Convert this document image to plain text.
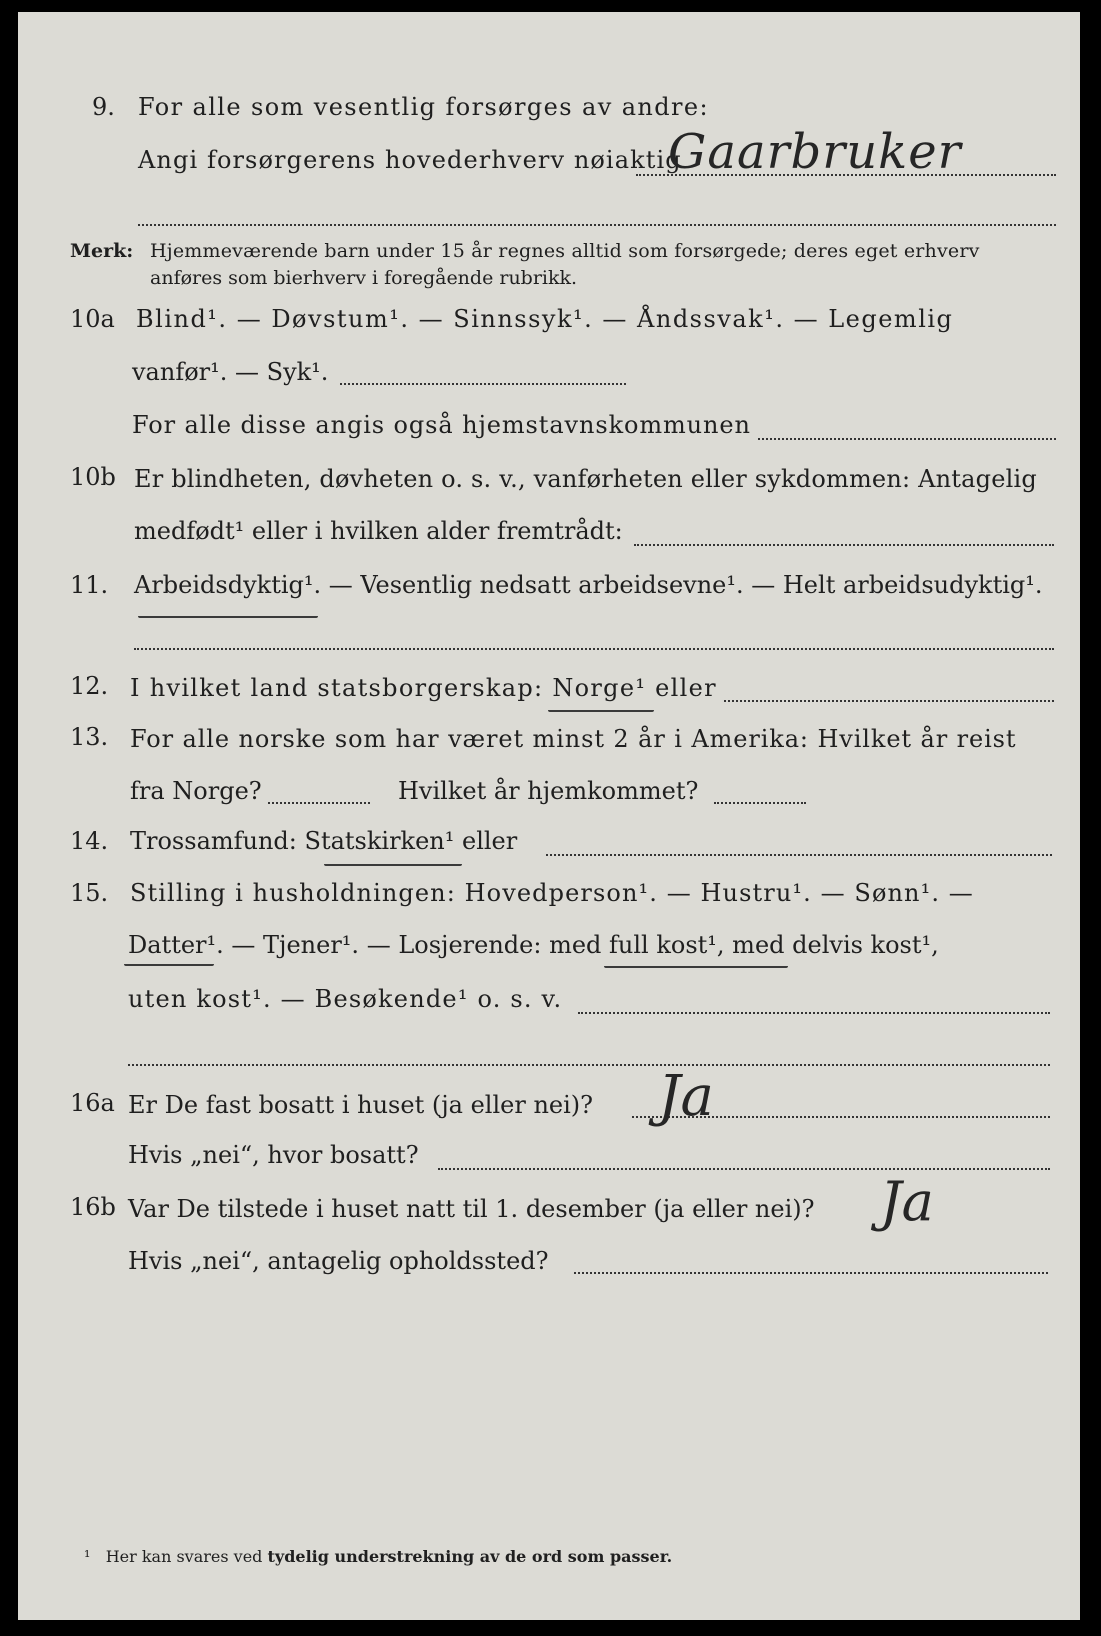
9. For alle som vesentlig forsørges av andre:
Angi forsørgerens hovederhverv nøiaktig
Gaarbruker
Merk: Hjemmeværende barn under 15 år regnes alltid som forsørgede; deres eget erhverv
anføres som bierhverv i foregående rubrikk.
10a Blind¹. — Døvstum¹. — Sinnssyk¹. — Åndssvak¹. — Legemlig
vanfør¹. — Syk¹.
For alle disse angis også hjemstavnskommunen
10b Er blindheten, døvheten o. s. v., vanførheten eller sykdommen: Antagelig
medfødt¹ eller i hvilken alder fremtrådt:
11. Arbeidsdyktig¹. — Vesentlig nedsatt arbeidsevne¹. — Helt arbeidsudyktig¹.
12. I hvilket land statsborgerskap: Norge¹ eller
13. For alle norske som har været minst 2 år i Amerika: Hvilket år reist
fra Norge?	Hvilket år hjemkommet?
14. Trossamfund: Statskirken¹ eller
15. Stilling i husholdningen: Hovedperson¹. — Hustru¹. — Sønn¹. —
Datter¹. — Tjener¹. — Losjerende: med full kost¹, med delvis kost¹,
uten kost¹. — Besøkende¹ o. s. v.
16a Er De fast bosatt i huset (ja eller nei)? Ja
Hvis „nei“, hvor bosatt?
16b Var De tilstede i huset natt til 1. desember (ja eller nei)? Ja
Hvis „nei“, antagelig opholdssted?
¹ Her kan svares ved tydelig understrekning av de ord som passer.
